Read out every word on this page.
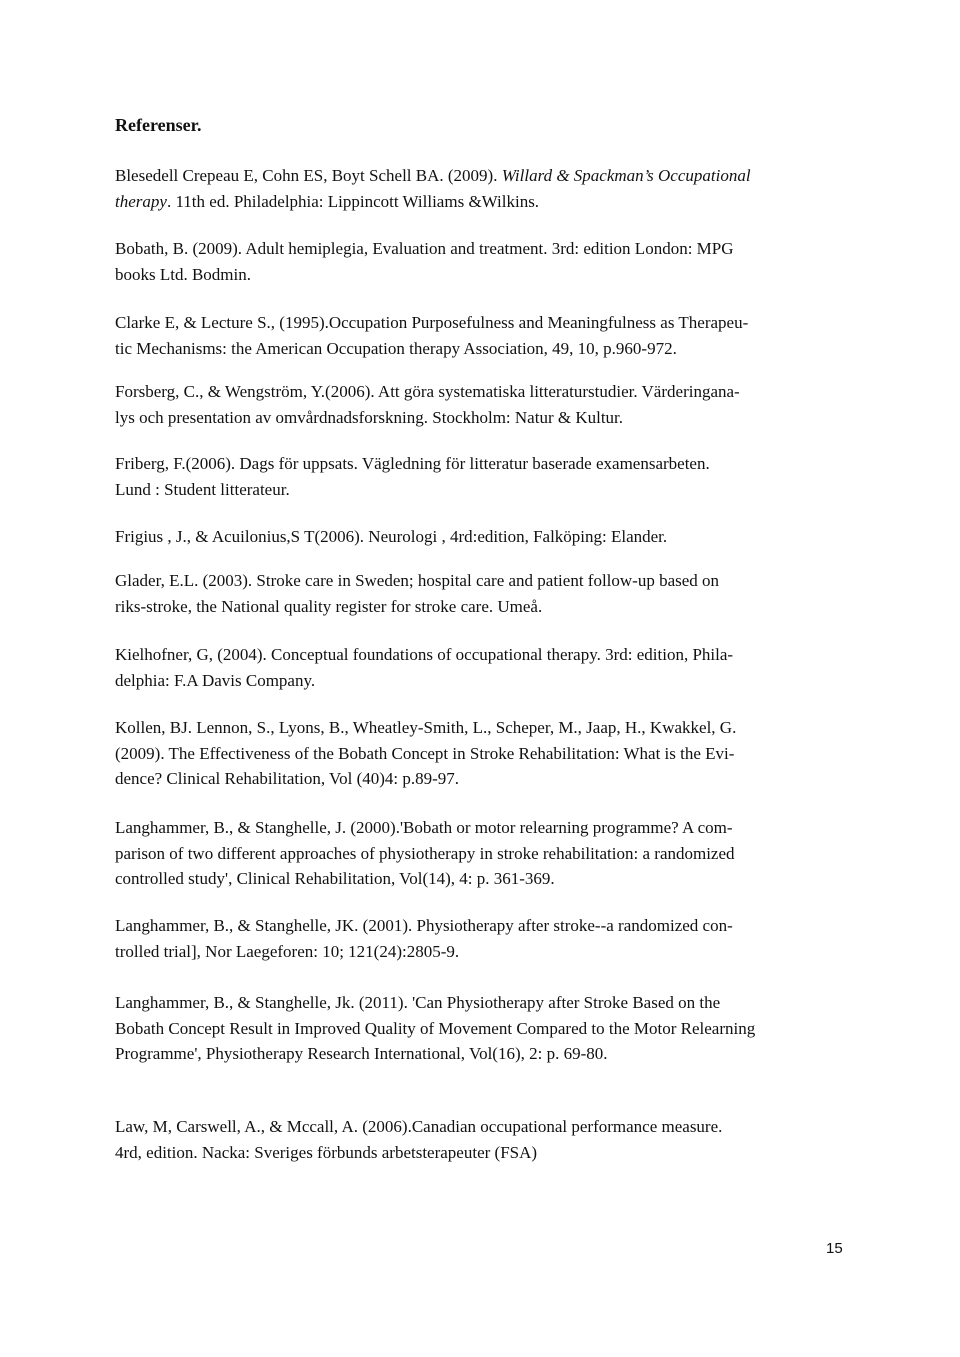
Referenser.

Blesedell Crepeau E, Cohn ES, Boyt Schell BA. (2009). Willard & Spackman’s Occupational
therapy. 11th ed. Philadelphia: Lippincott Williams &Wilkins.

Bobath, B. (2009). Adult hemiplegia, Evaluation and treatment. 3rd: edition London: MPG
books Ltd. Bodmin.

Clarke E, & Lecture S., (1995).Occupation Purposefulness and Meaningfulness as Therapeu-
tic Mechanisms: the American Occupation therapy Association, 49, 10, p.960-972.

Forsberg, C., & Wengström, Y.(2006). Att göra systematiska litteraturstudier. Värderingana-
lys och presentation av omvårdnadsforskning. Stockholm: Natur & Kultur.

Friberg, F.(2006). Dags för uppsats. Vägledning för litteratur baserade examensarbeten.
Lund : Student litterateur.

Frigius , J., & Acuilonius,S T(2006). Neurologi , 4rd:edition, Falköping: Elander.

Glader, E.L. (2003). Stroke care in Sweden; hospital care and patient follow-up based on
riks-stroke, the National quality register for stroke care. Umeå.

Kielhofner, G, (2004). Conceptual foundations of occupational therapy. 3rd: edition, Phila-
delphia: F.A Davis Company.

Kollen, BJ. Lennon, S., Lyons, B., Wheatley-Smith, L., Scheper, M., Jaap, H., Kwakkel, G.
(2009). The Effectiveness of the Bobath Concept in Stroke Rehabilitation: What is the Evi-
dence? Clinical Rehabilitation, Vol (40)4: p.89-97.

Langhammer, B., & Stanghelle, J. (2000).'Bobath or motor relearning programme? A com-
parison of two different approaches of physiotherapy in stroke rehabilitation: a randomized
controlled study', Clinical Rehabilitation, Vol(14), 4: p. 361-369.

Langhammer, B., & Stanghelle, JK. (2001). Physiotherapy after stroke--a randomized con-
trolled trial], Nor Laegeforen: 10; 121(24):2805-9.

Langhammer, B., & Stanghelle, Jk. (2011). 'Can Physiotherapy after Stroke Based on the
Bobath Concept Result in Improved Quality of Movement Compared to the Motor Relearning
Programme', Physiotherapy Research International, Vol(16), 2: p. 69-80.

Law, M, Carswell, A., & Mccall, A. (2006).Canadian occupational performance measure.
4rd, edition. Nacka: Sveriges förbunds arbetsterapeuter (FSA)

15
